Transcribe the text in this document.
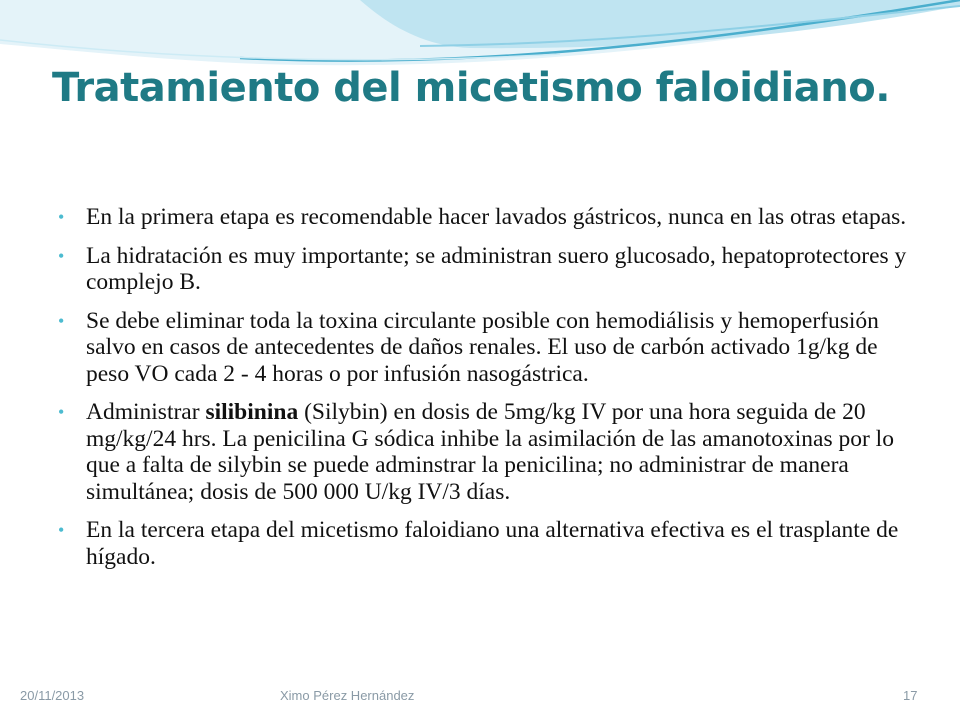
Tratamiento del micetismo faloidiano.
• En la primera etapa es recomendable hacer lavados gástricos, nunca en las otras etapas.
• La hidratación es muy importante; se administran suero glucosado, hepatoprotectores y complejo B.
• Se debe eliminar toda la toxina circulante posible con hemodiálisis y hemoperfusión salvo en casos de antecedentes de daños renales. El uso de carbón activado 1g/kg de peso VO cada 2 - 4 horas o por infusión nasogástrica.
• Administrar silibinina (Silybin) en dosis de 5mg/kg IV por una hora seguida de 20 mg/kg/24 hrs. La penicilina G sódica inhibe la asimilación de las amanotoxinas por lo que a falta de silybin se puede adminstrar la penicilina; no administrar de manera simultánea; dosis de 500 000 U/kg IV/3 días.
• En la tercera etapa del micetismo faloidiano una alternativa efectiva es el trasplante de hígado.
20/11/2013	Ximo Pérez Hernández	17
